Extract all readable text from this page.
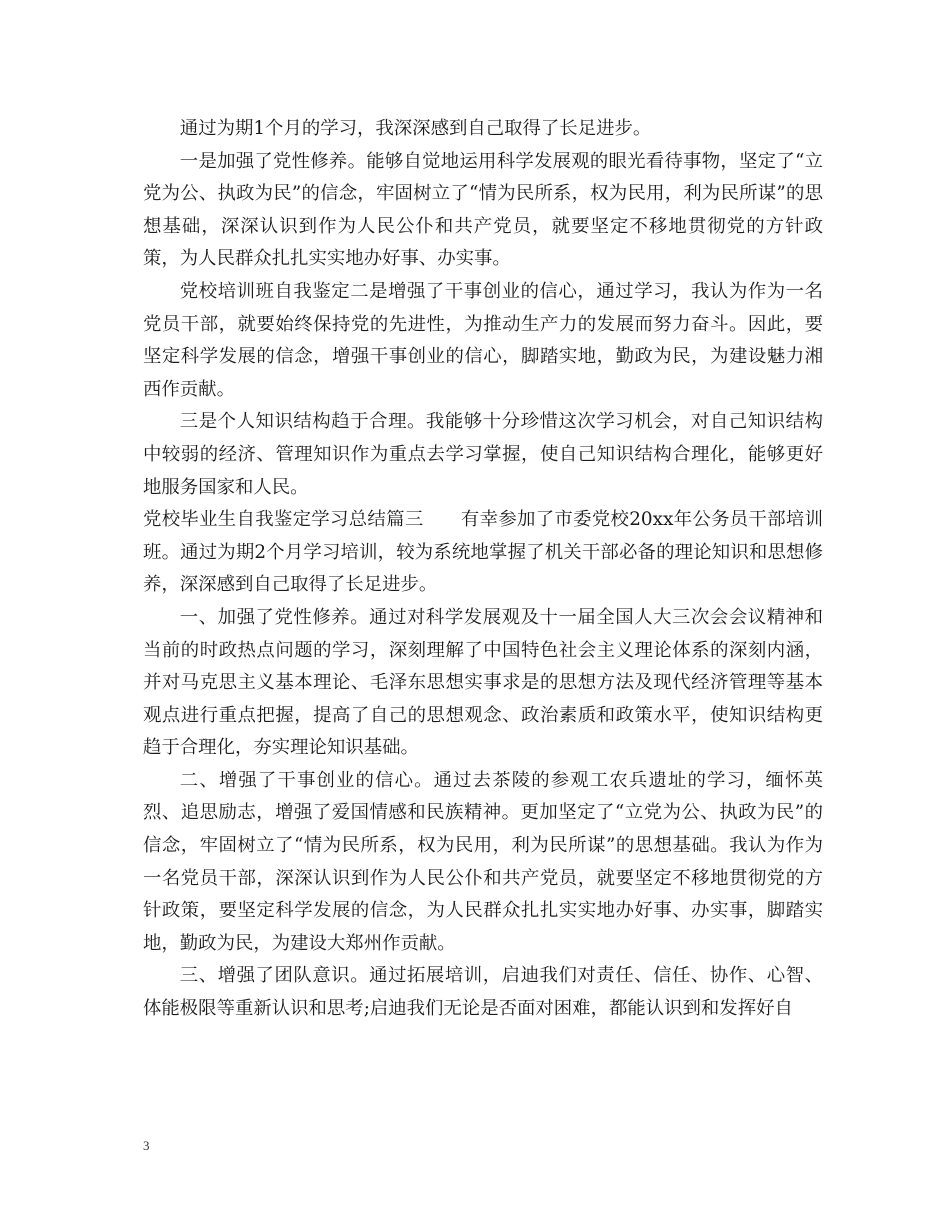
通过为期1个月的学习，我深深感到自己取得了长足进步。

一是加强了党性修养。能够自觉地运用科学发展观的眼光看待事物，坚定了“立党为公、执政为民”的信念，牢固树立了“情为民所系，权为民用，利为民所谋”的思想基础，深深认识到作为人民公仆和共产党员，就要坚定不移地贯彻党的方针政策，为人民群众扎扎实实地办好事、办实事。

党校培训班自我鉴定二是增强了干事创业的信心，通过学习，我认为作为一名党员干部，就要始终保持党的先进性，为推动生产力的发展而努力奋斗。因此，要坚定科学发展的信念，增强干事创业的信心，脚踏实地，勤政为民，为建设魅力湘西作贡献。

三是个人知识结构趋于合理。我能够十分珍惜这次学习机会，对自己知识结构中较弱的经济、管理知识作为重点去学习掌握，使自己知识结构合理化，能够更好地服务国家和人民。

党校毕业生自我鉴定学习总结篇三　　有幸参加了市委党校20xx年公务员干部培训班。通过为期2个月学习培训，较为系统地掌握了机关干部必备的理论知识和思想修养，深深感到自己取得了长足进步。

一、加强了党性修养。通过对科学发展观及十一届全国人大三次会会议精神和当前的时政热点问题的学习，深刻理解了中国特色社会主义理论体系的深刻内涵，并对马克思主义基本理论、毛泽东思想实事求是的思想方法及现代经济管理等基本观点进行重点把握，提高了自己的思想观念、政治素质和政策水平，使知识结构更趋于合理化，夯实理论知识基础。

二、增强了干事创业的信心。通过去茶陵的参观工农兵遗址的学习，缅怀英烈、追思励志，增强了爱国情感和民族精神。更加坚定了“立党为公、执政为民”的信念，牢固树立了“情为民所系，权为民用，利为民所谋”的思想基础。我认为作为一名党员干部，深深认识到作为人民公仆和共产党员，就要坚定不移地贯彻党的方针政策，要坚定科学发展的信念，为人民群众扎扎实实地办好事、办实事，脚踏实地，勤政为民，为建设大郑州作贡献。

三、增强了团队意识。通过拓展培训，启迪我们对责任、信任、协作、心智、体能极限等重新认识和思考;启迪我们无论是否面对困难，都能认识到和发挥好自

3
